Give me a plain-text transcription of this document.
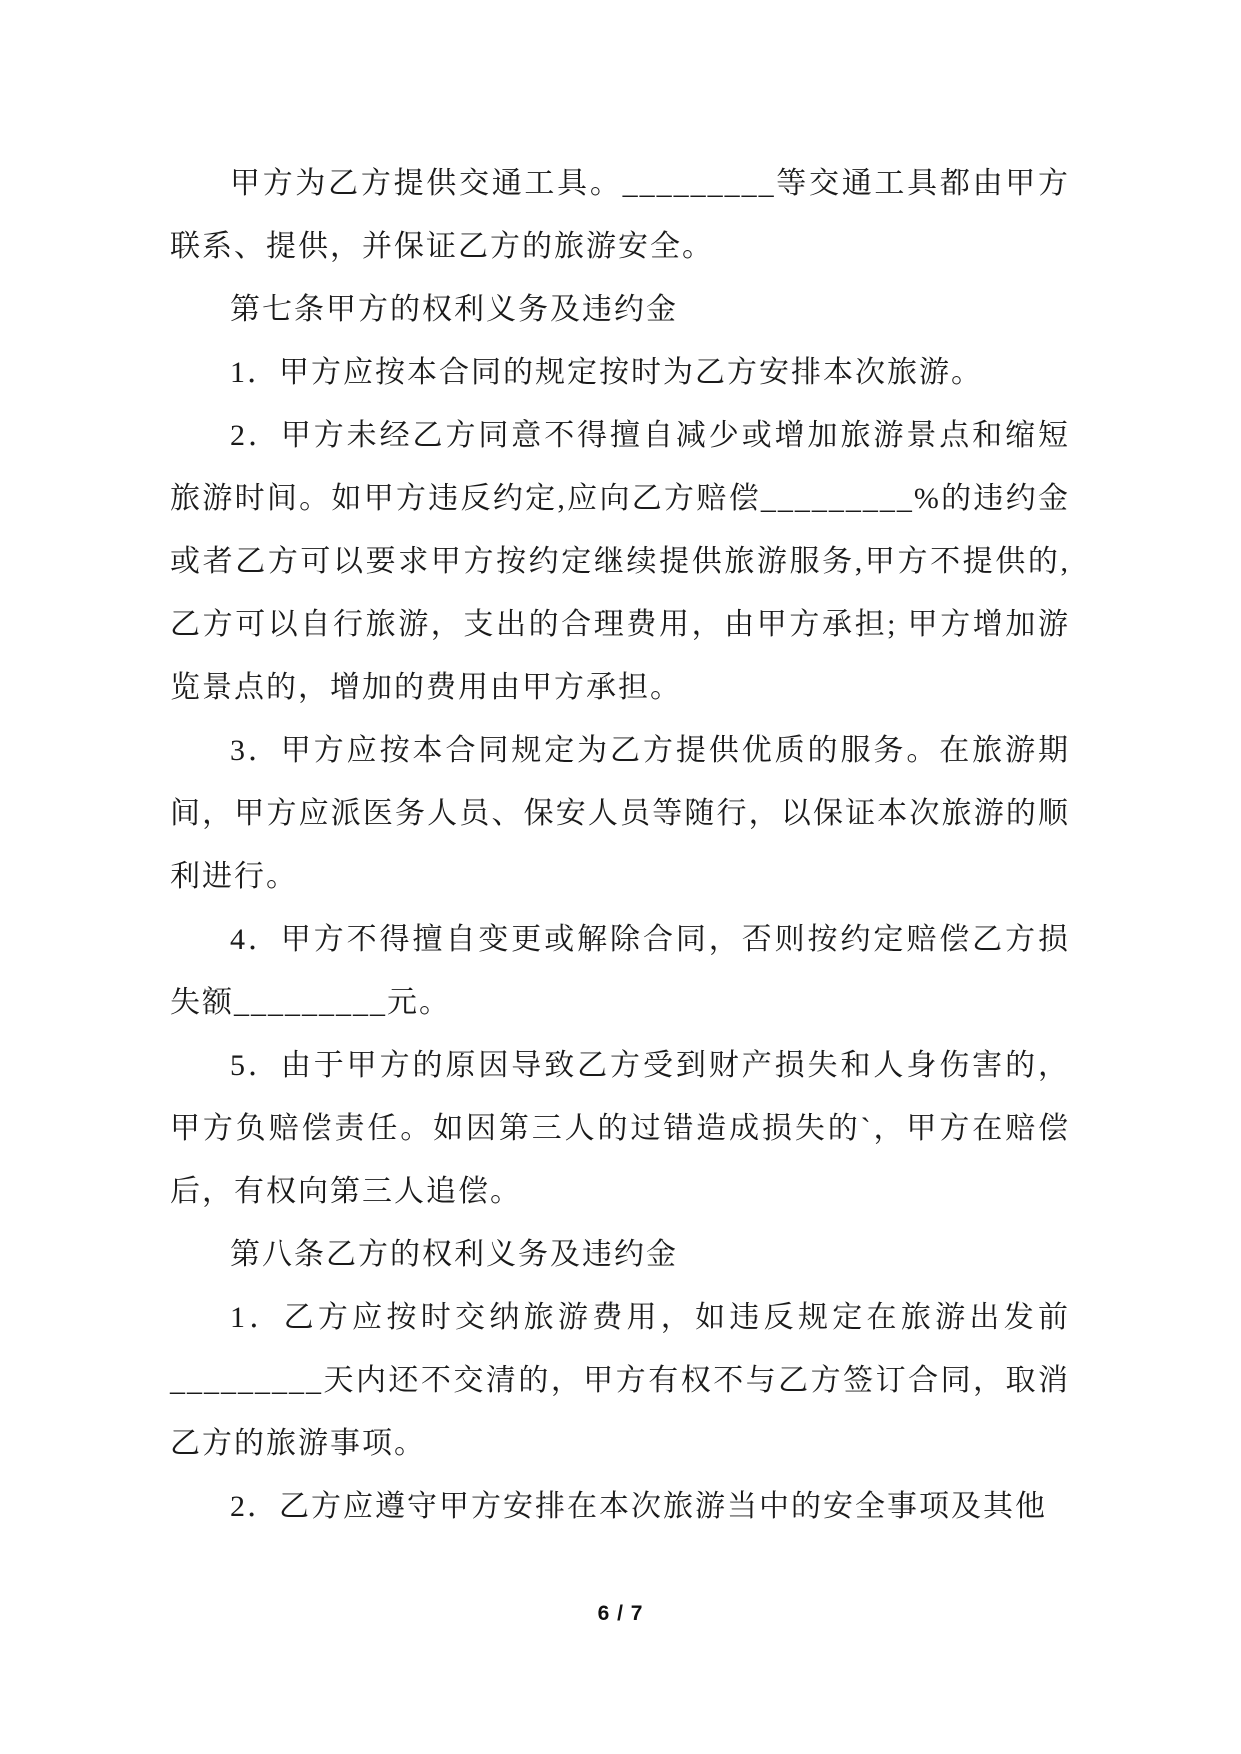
甲方为乙方提供交通工具。_________等交通工具都由甲方联系、提供，并保证乙方的旅游安全。

第七条甲方的权利义务及违约金

1．甲方应按本合同的规定按时为乙方安排本次旅游。

2．甲方未经乙方同意不得擅自减少或增加旅游景点和缩短旅游时间。如甲方违反约定,应向乙方赔偿_________%的违约金或者乙方可以要求甲方按约定继续提供旅游服务,甲方不提供的,乙方可以自行旅游，支出的合理费用，由甲方承担; 甲方增加游览景点的，增加的费用由甲方承担。

3．甲方应按本合同规定为乙方提供优质的服务。在旅游期间，甲方应派医务人员、保安人员等随行，以保证本次旅游的顺利进行。

4．甲方不得擅自变更或解除合同，否则按约定赔偿乙方损失额_________元。

5．由于甲方的原因导致乙方受到财产损失和人身伤害的，甲方负赔偿责任。如因第三人的过错造成损失的`，甲方在赔偿后，有权向第三人追偿。

第八条乙方的权利义务及违约金

1．乙方应按时交纳旅游费用，如违反规定在旅游出发前_________天内还不交清的，甲方有权不与乙方签订合同，取消乙方的旅游事项。

2．乙方应遵守甲方安排在本次旅游当中的安全事项及其他

6 / 7
